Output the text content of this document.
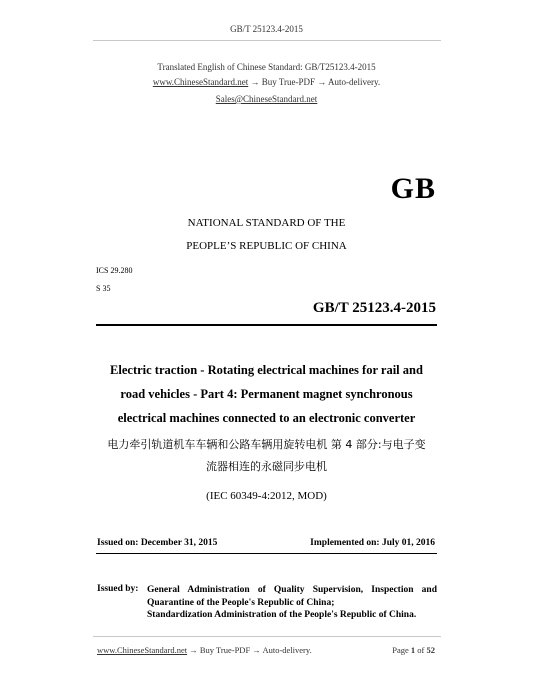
GB/T 25123.4-2015
Translated English of Chinese Standard: GB/T25123.4-2015
www.ChineseStandard.net → Buy True-PDF → Auto-delivery.
Sales@ChineseStandard.net
GB
NATIONAL STANDARD OF THE
PEOPLE’S REPUBLIC OF CHINA
ICS 29.280
S 35
GB/T 25123.4-2015
Electric traction - Rotating electrical machines for rail and
road vehicles - Part 4: Permanent magnet synchronous
electrical machines connected to an electronic converter
电力牵引轨道机车车辆和公路车辆用旋转电机 第 4 部分:与电子变
流器相连的永磁同步电机
(IEC 60349-4:2012, MOD)
Issued on: December 31, 2015	Implemented on: July 01, 2016
Issued by: General Administration of Quality Supervision, Inspection and Quarantine of the People's Republic of China;
Standardization Administration of the People's Republic of China.
www.ChineseStandard.net → Buy True-PDF → Auto-delivery.	Page 1 of 52
